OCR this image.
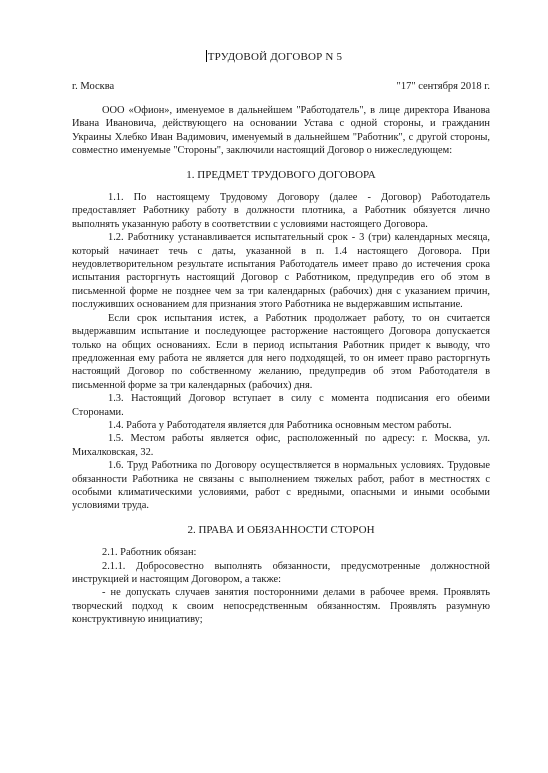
ТРУДОВОЙ ДОГОВОР N 5
г. Москва	"17" сентября 2018 г.

ООО «Офион», именуемое в дальнейшем "Работодатель", в лице директора Иванова Ивана Ивановича, действующего на основании Устава с одной стороны, и гражданин Украины Хлебко Иван Вадимович, именуемый в дальнейшем "Работник", с другой стороны, совместно именуемые "Стороны", заключили настоящий Договор о нижеследующем:

1. ПРЕДМЕТ ТРУДОВОГО ДОГОВОРА

1.1. По настоящему Трудовому Договору (далее - Договор) Работодатель предоставляет Работнику работу в должности плотника, а Работник обязуется лично выполнять указанную работу в соответствии с условиями настоящего Договора.

1.2. Работнику устанавливается испытательный срок - 3 (три) календарных месяца, который начинает течь с даты, указанной в п. 1.4 настоящего Договора. При неудовлетворительном результате испытания Работодатель имеет право до истечения срока испытания расторгнуть настоящий Договор с Работником, предупредив его об этом в письменной форме не позднее чем за три календарных (рабочих) дня с указанием причин, послуживших основанием для признания этого Работника не выдержавшим испытание.

Если срок испытания истек, а Работник продолжает работу, то он считается выдержавшим испытание и последующее расторжение настоящего Договора допускается только на общих основаниях. Если в период испытания Работник придет к выводу, что предложенная ему работа не является для него подходящей, то он имеет право расторгнуть настоящий Договор по собственному желанию, предупредив об этом Работодателя в письменной форме за три календарных (рабочих) дня.

1.3. Настоящий Договор вступает в силу с момента подписания его обеими Сторонами.

1.4. Работа у Работодателя является для Работника основным местом работы.

1.5. Местом работы является офис, расположенный по адресу: г. Москва, ул. Михалковская, 32.

1.6. Труд Работника по Договору осуществляется в нормальных условиях. Трудовые обязанности Работника не связаны с выполнением тяжелых работ, работ в местностях с особыми климатическими условиями, работ с вредными, опасными и иными особыми условиями труда.

2. ПРАВА И ОБЯЗАННОСТИ СТОРОН

2.1. Работник обязан:

2.1.1. Добросовестно выполнять обязанности, предусмотренные должностной инструкцией и настоящим Договором, а также:

- не допускать случаев занятия посторонними делами в рабочее время. Проявлять творческий подход к своим непосредственным обязанностям. Проявлять разумную конструктивную инициативу;
